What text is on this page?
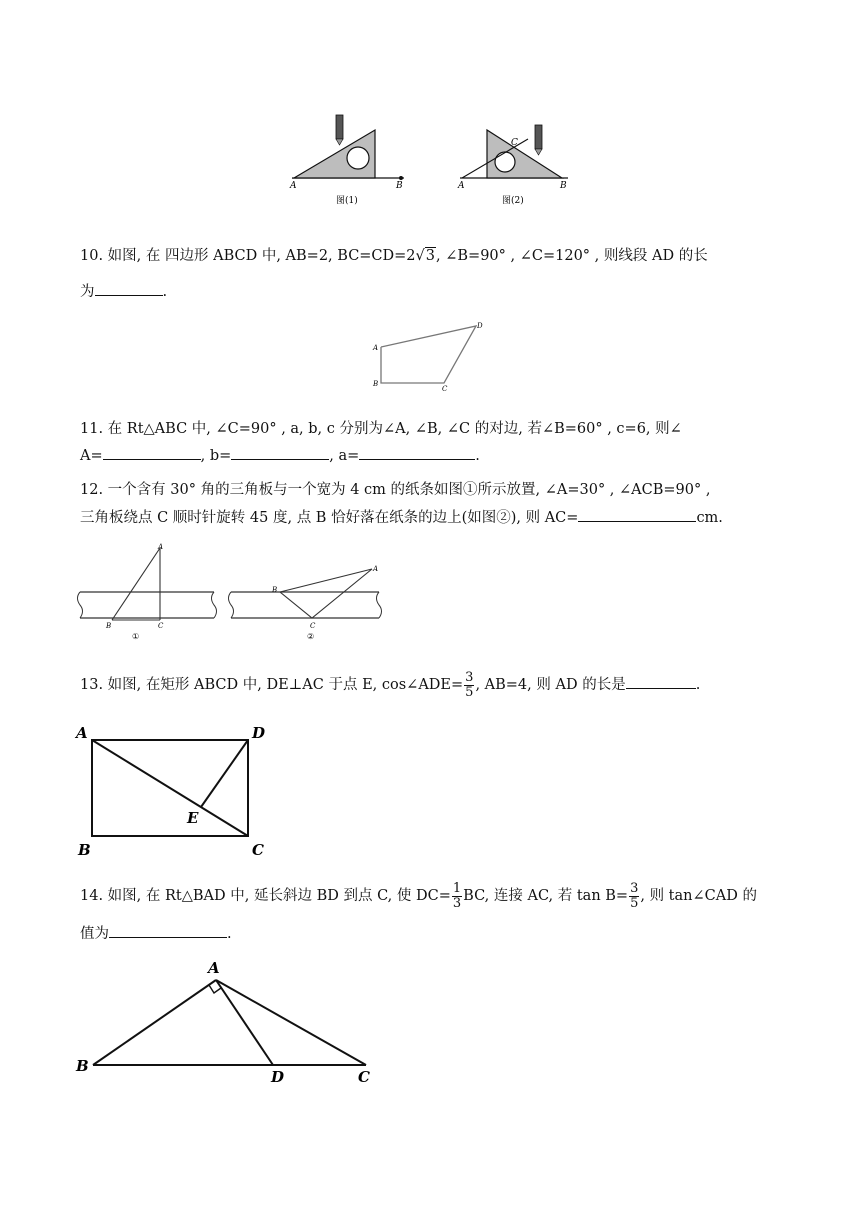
A	B	A	B
C
图(1)	图(2)
10. 如图, 在 四边形 ABCD 中, AB=2, BC=CD=2√3, ∠B=90° , ∠C=120° , 则线段 AD 的长
为	.
A
B
C
D
11. 在 Rt△ABC 中, ∠C=90° , a, b, c 分别为∠A, ∠B, ∠C 的对边, 若∠B=60° , c=6, 则∠
A=	, b=	, a=	.
12. 一个含有 30° 角的三角板与一个宽为 4 cm 的纸条如图①所示放置, ∠A=30° , ∠ACB=90° ,
三角板绕点 C 顺时针旋转 45 度, 点 B 恰好落在纸条的边上(如图②), 则 AC=	cm.
A
B	C
①
A
B
C
②
13. 如图, 在矩形 ABCD 中, DE⊥AC 于点 E, cos∠ADE= $\frac{3}{5}$ , AB=4, 则 AD 的长是	.
A	D
E
B	C
14. 如图, 在 Rt△BAD 中, 延长斜边 BD 到点 C, 使 $DC= \frac{1}{3}$ BC, 连接 AC, 若 $\tan B= \frac{3}{5}$ , 则 tan∠CAD 的
值为	.
A
B
D	C
